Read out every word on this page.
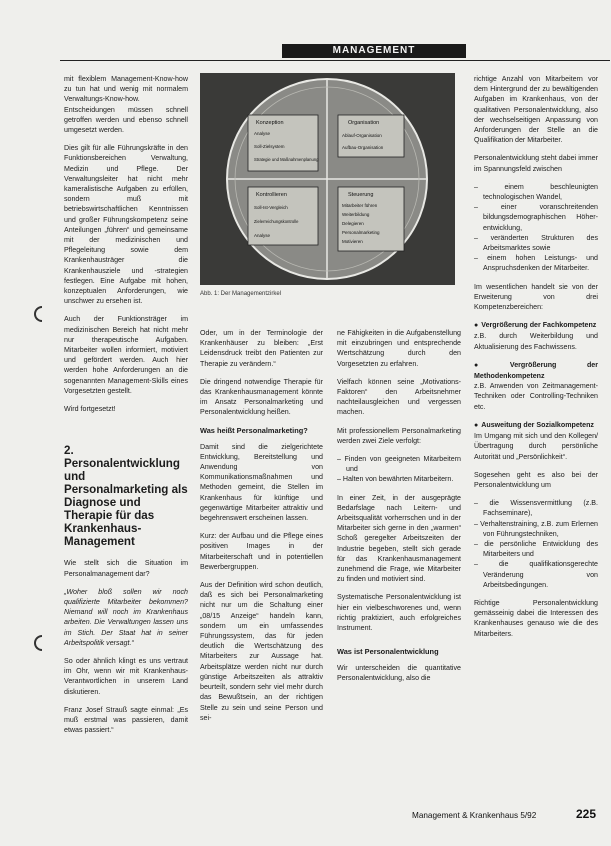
MANAGEMENT

mit flexiblem Management-Know-how zu tun hat und wenig mit normalem Verwaltungs-Know-how. Entscheidungen müssen schnell getroffen werden und ebenso schnell umgesetzt werden.

Dies gilt für alle Führungskräfte in den Funktionsbereichen Verwaltung, Medizin und Pflege. Der Verwaltungsleiter hat nicht mehr kameralistische Aufgaben zu erfüllen, sondern muß mit betriebswirtschaftlichen Kenntnissen und großer Führungskompetenz seine Anteilungen „führen“ und gemeinsame mit der medizinischen und Pflegeleitung sowie dem Krankenhausträger die Krankenhausziele und -strategien festlegen. Eine Aufgabe mit hohen, konzeptualen Anforderungen, wie unschwer zu ersehen ist.

Auch der Funktionsträger im medizinischen Bereich hat nicht mehr nur therapeutische Aufgaben. Mitarbeiter wollen informiert, motiviert und gefördert werden. Auch hier werden hohe Anforderungen an die sogenannten Management-Skills eines Vorgesetzten gestellt.

Wird fortgesetzt!

2. Personalentwicklung und Personalmarketing als Diagnose und Therapie für das Krankenhaus-Management

Wie stellt sich die Situation im Personalmanagement dar?

„Woher bloß sollen wir noch qualifizierte Mitarbeiter bekommen? Niemand will noch im Krankenhaus arbeiten. Die Verwaltungen lassen uns im Stich. Der Staat hat in seiner Arbeitspolitik versagt.“

So oder ähnlich klingt es uns vertraut im Ohr, wenn wir mit Krankenhaus-Verantwortlichen in unserem Land diskutieren.

Franz Josef Strauß sagte einmal: „Es muß erstmal was passieren, damit etwas passiert.“

Konzeption
Analyse
Soll-Zielsystem
Strategie und Maßnahmenplanung
Organisation
Ablauf-Organisation
Aufbau-Organisation
Kontrollieren
Soll-Ist-Vergleich
Zielerreichungskontrolle
Analyse
Steuerung
Mitarbeiter führen
Weiterbildung
Delegieren
Personalmarketing
Motivieren
Abb. 1: Der Managementzirkel

Oder, um in der Terminologie der Krankenhäuser zu bleiben: „Erst Leidensdruck treibt den Patienten zur Therapie zu verändern.“

Die dringend notwendige Therapie für das Krankenhausmanagement könnte im Ansatz Personalmarketing und Personalentwicklung heißen.

Was heißt Personalmarketing?

Damit sind die zielgerichtete Entwicklung, Bereitstellung und Anwendung von Kommunikationsmaßnahmen und Methoden gemeint, die Stellen im Krankenhaus für künftige und gegenwärtige Mitarbeiter attraktiv und begehrenswert erscheinen lassen.

Kurz: der Aufbau und die Pflege eines positiven Images in der Mitarbeiterschaft und in potentiellen Bewerbergruppen.

Aus der Definition wird schon deutlich, daß es sich bei Personalmarketing nicht nur um die Schaltung einer „08/15 Anzeige“ handeln kann, sondern um ein umfassendes Führungssystem, das für jeden deutlich die Wertschätzung des Mitarbeiters zur Aussage hat. Arbeitsplätze werden nicht nur durch günstige Arbeitszeiten als attraktiv beurteilt, sondern sehr viel mehr durch das Bewußtsein, an der richtigen Stelle zu sein und seine Person und sei-

ne Fähigkeiten in die Aufgabenstellung mit einzubringen und entsprechende Wertschätzung durch den Vorgesetzten zu erfahren.

Vielfach können seine „Motivations-Faktoren“ den Arbeitsnehmer nachteilausgleichen und vergessen machen.

Mit professionellem Personalmarketing werden zwei Ziele verfolgt:

– Finden von geeigneten Mitarbeitern und
– Halten von bewährten Mitarbeitern.

In einer Zeit, in der ausgeprägte Bedarfslage nach Leitern- und Arbeitsqualität vorherrschen und in der Mitarbeiter sich gerne in den „warmen“ Schoß geregelter Arbeitszeiten der Industrie begeben, stellt sich gerade für das Krankenhausmanagement zunehmend die Frage, wie Mitarbeiter zu finden und motiviert sind.

Systematische Personalentwicklung ist hier ein vielbeschworenes und, wenn richtig praktiziert, auch erfolgreiches Instrument.

Was ist Personalentwicklung

Wir unterscheiden die quantitative Personalentwicklung, also die

richtige Anzahl von Mitarbeitern vor dem Hintergrund der zu bewältigenden Aufgaben im Krankenhaus, von der qualitativen Personalentwicklung, also der wechselseitigen Anpassung von Anforderungen der Stelle an die Qualifikation der Mitarbeiter.

Personalentwicklung steht dabei immer im Spannungsfeld zwischen

– einem beschleunigten technologischen Wandel,
– einer voranschreitenden bildungsdemographischen Höher-entwicklung,
– veränderten Strukturen des Arbeitsmarktes sowie
– einem hohen Leistungs- und Anspruchsdenken der Mitarbeiter.

Im wesentlichen handelt sie von der Erweiterung von drei Kompetenzbereichen:

● Vergrößerung der Fachkompetenz

z.B. durch Weiterbildung und Aktualisierung des Fachwissens.

● Vergrößerung der Methodenkompetenz

z.B. Anwenden von Zeitmanagement-Techniken oder Controlling-Techniken etc.

● Ausweitung der Sozialkompetenz

Im Umgang mit sich und den Kollegen/Übertragung durch persönliche Autorität und „Persönlichkeit“.

Sogesehen geht es also bei der Personalentwicklung um

– die Wissensvermittlung (z.B. Fachseminare),
– Verhaltenstraining, z.B. zum Erlernen von Führungstechniken,
– die persönliche Entwicklung des Mitarbeiters und
– die qualifikationsgerechte Veränderung von Arbeitsbedingungen.

Richtige Personalentwicklung gemässeinig dabei die Interessen des Krankenhauses genauso wie die des Mitarbeiters.

Management & Krankenhaus 5/92	225
